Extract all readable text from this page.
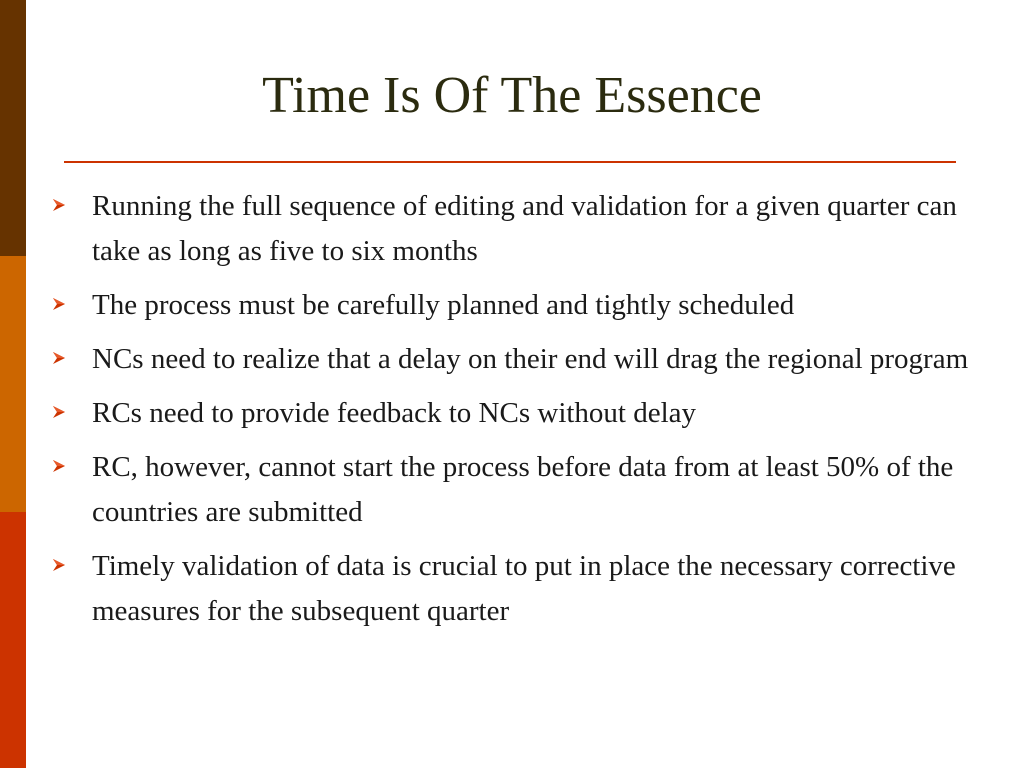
Time Is Of The Essence
Running the full sequence of editing and validation for a given quarter can take as long as five to six months
The process must be carefully planned and tightly scheduled
NCs need to realize that a delay on their end will drag the regional program
RCs need to provide feedback to NCs without delay
RC, however, cannot start the process before data from at least 50% of the countries are submitted
Timely validation of data is crucial to put in place the necessary corrective measures for the subsequent quarter
